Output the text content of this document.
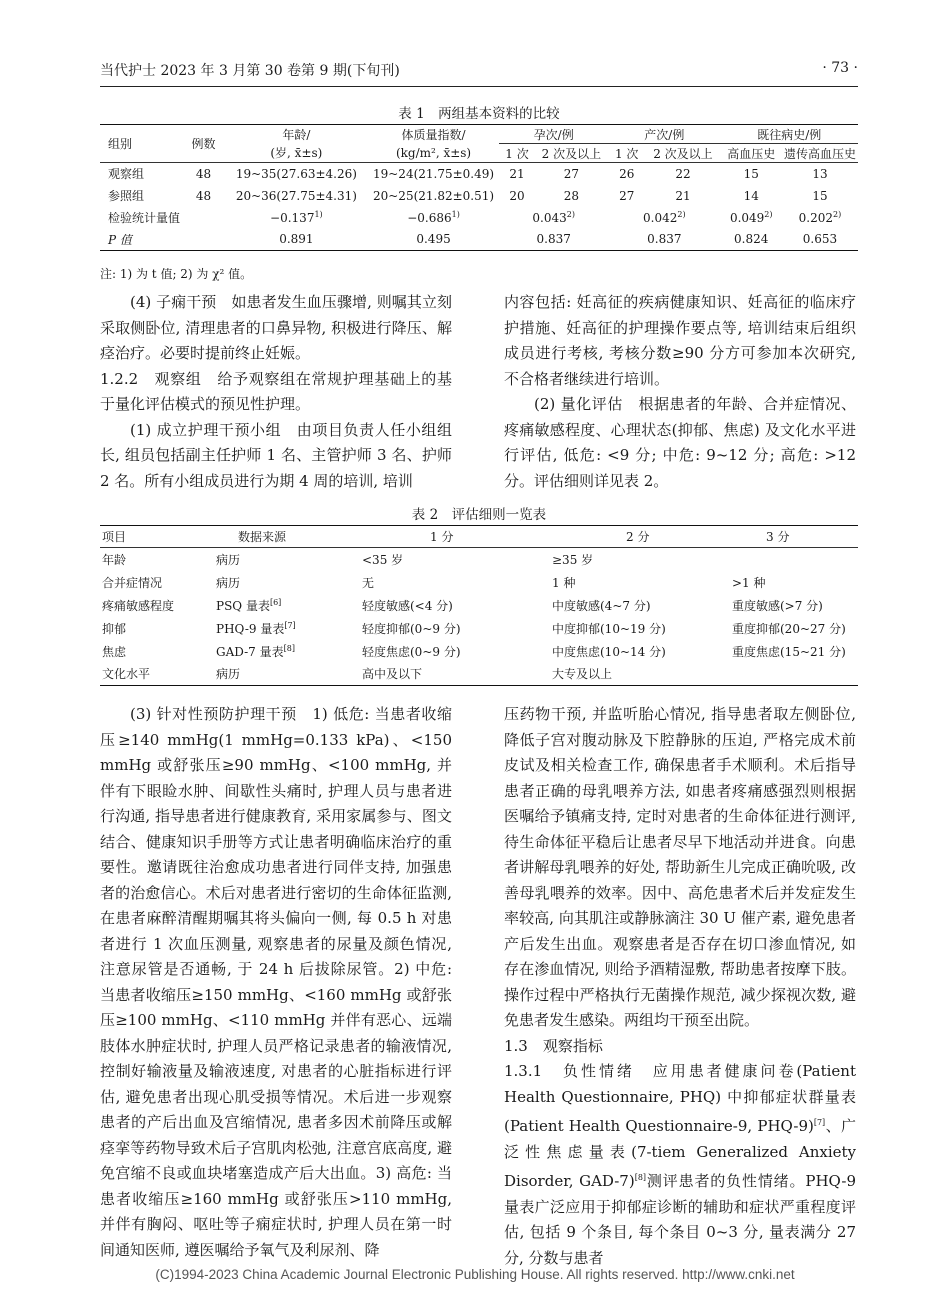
当代护士 2023 年 3 月第 30 卷第 9 期(下旬刊)	· 73 ·
表 1　两组基本资料的比较
组别	例数	年龄/	体质量指数/	孕次/例		产次/例		既往病史/例	
		(岁, x̄±s)	(kg/m², x̄±s)	1 次	2 次及以上	1 次	2 次及以上	高血压史	遗传高血压史
观察组	48	19~35(27.63±4.26)	19~24(21.75±0.49)	21	27	26	22	15	13
参照组	48	20~36(27.75±4.31)	20~25(21.82±0.51)	20	28	27	21	14	15
检验统计量值		$-0.137^{1)}$	$-0.686^{1)}$	0.043$^{2)}$		0.042$^{2)}$		0.049$^{2)}$	0.202$^{2)}$
P 值		0.891	0.495	0.837		0.837		0.824	0.653
注: 1) 为 t 值; 2) 为 χ² 值。

(4) 子痫干预　如患者发生血压骤增, 则嘱其立刻采取侧卧位, 清理患者的口鼻异物, 积极进行降压、解痉治疗。必要时提前终止妊娠。

1.2.2　观察组　给予观察组在常规护理基础上的基于量化评估模式的预见性护理。

(1) 成立护理干预小组　由项目负责人任小组组长, 组员包括副主任护师 1 名、主管护师 3 名、护师 2 名。所有小组成员进行为期 4 周的培训, 培训

内容包括: 妊高征的疾病健康知识、妊高征的临床疗护措施、妊高征的护理操作要点等, 培训结束后组织成员进行考核, 考核分数≥90 分方可参加本次研究, 不合格者继续进行培训。

(2) 量化评估　根据患者的年龄、合并症情况、疼痛敏感程度、心理状态(抑郁、焦虑) 及文化水平进行评估, 低危: <9 分; 中危: 9~12 分; 高危: >12 分。评估细则详见表 2。

表 2　评估细则一览表
项目	数据来源	1 分	2 分	3 分
年龄	病历	<35 岁	≥35 岁	
合并症情况	病历	无	1 种	>1 种
疼痛敏感程度	PSQ 量表[6]	轻度敏感(<4 分)	中度敏感(4~7 分)	重度敏感(>7 分)
抑郁	PHQ-9 量表[7]	轻度抑郁(0~9 分)	中度抑郁(10~19 分)	重度抑郁(20~27 分)
焦虑	GAD-7 量表[8]	轻度焦虑(0~9 分)	中度焦虑(10~14 分)	重度焦虑(15~21 分)
文化水平	病历	高中及以下	大专及以上	

(3) 针对性预防护理干预　1) 低危: 当患者收缩压≥140 mmHg(1 mmHg=0.133 kPa)、<150 mmHg 或舒张压≥90 mmHg、<100 mmHg, 并伴有下眼睑水肿、间歇性头痛时, 护理人员与患者进行沟通, 指导患者进行健康教育, 采用家属参与、图文结合、健康知识手册等方式让患者明确临床治疗的重要性。邀请既往治愈成功患者进行同伴支持, 加强患者的治愈信心。术后对患者进行密切的生命体征监测, 在患者麻醉清醒期嘱其将头偏向一侧, 每 0.5 h 对患者进行 1 次血压测量, 观察患者的尿量及颜色情况, 注意尿管是否通畅, 于 24 h 后拔除尿管。2) 中危: 当患者收缩压≥150 mmHg、<160 mmHg 或舒张压≥100 mmHg、<110 mmHg 并伴有恶心、远端肢体水肿症状时, 护理人员严格记录患者的输液情况, 控制好输液量及输液速度, 对患者的心脏指标进行评估, 避免患者出现心肌受损等情况。术后进一步观察患者的产后出血及宫缩情况, 患者多因术前降压或解痉挛等药物导致术后子宫肌肉松弛, 注意宫底高度, 避免宫缩不良或血块堵塞造成产后大出血。3) 高危: 当患者收缩压≥160 mmHg 或舒张压>110 mmHg, 并伴有胸闷、呕吐等子痫症状时, 护理人员在第一时间通知医师, 遵医嘱给予氧气及利尿剂、降

压药物干预, 并监听胎心情况, 指导患者取左侧卧位, 降低子宫对腹动脉及下腔静脉的压迫, 严格完成术前皮试及相关检查工作, 确保患者手术顺利。术后指导患者正确的母乳喂养方法, 如患者疼痛感强烈则根据医嘱给予镇痛支持, 定时对患者的生命体征进行测评, 待生命体征平稳后让患者尽早下地活动并进食。向患者讲解母乳喂养的好处, 帮助新生儿完成正确吮吸, 改善母乳喂养的效率。因中、高危患者术后并发症发生率较高, 向其肌注或静脉滴注 30 U 催产素, 避免患者产后发生出血。观察患者是否存在切口渗血情况, 如存在渗血情况, 则给予酒精湿敷, 帮助患者按摩下肢。操作过程中严格执行无菌操作规范, 减少探视次数, 避免患者发生感染。两组均干预至出院。

1.3　观察指标

1.3.1　负性情绪　应用患者健康问卷(Patient Health Questionnaire, PHQ) 中抑郁症状群量表(Patient Health Questionnaire-9, PHQ-9)[7]、广泛性焦虑量表(7-tiem Generalized Anxiety Disorder, GAD-7)[8]测评患者的负性情绪。PHQ-9 量表广泛应用于抑郁症诊断的辅助和症状严重程度评估, 包括 9 个条目, 每个条目 0~3 分, 量表满分 27 分, 分数与患者

(C)1994-2023 China Academic Journal Electronic Publishing House. All rights reserved. http://www.cnki.net
